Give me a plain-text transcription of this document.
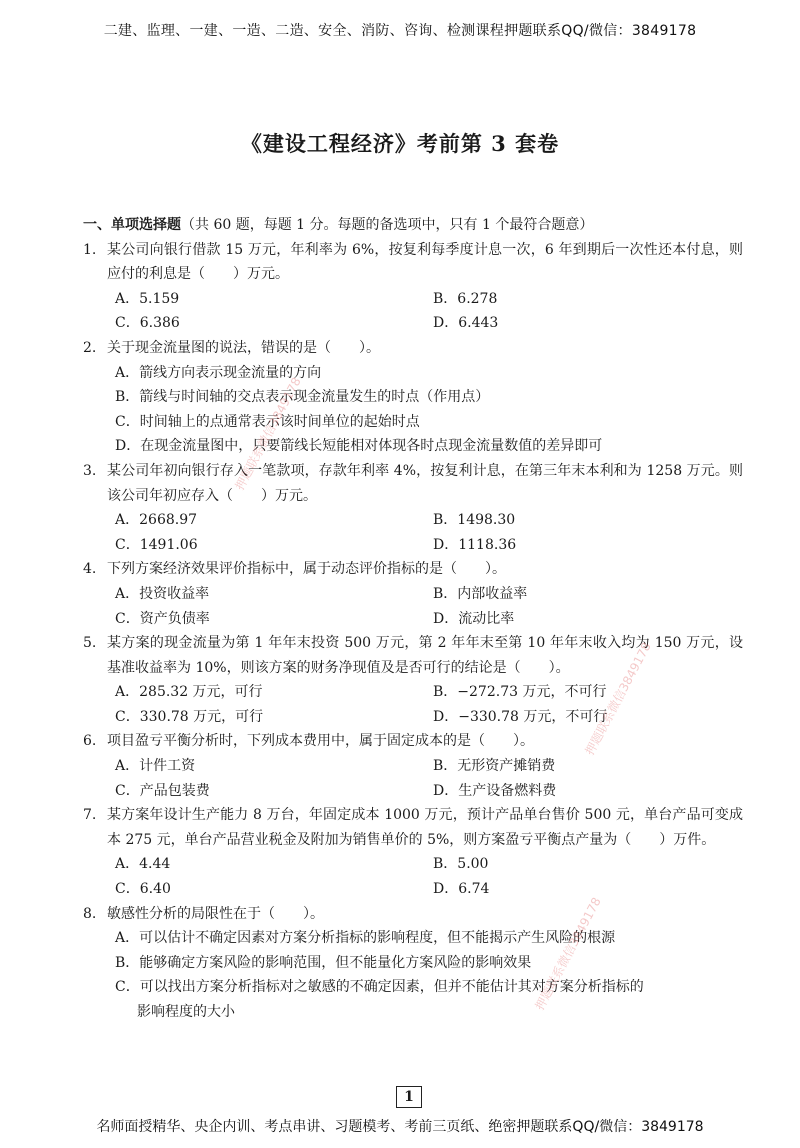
二建、监理、一建、一造、二造、安全、消防、咨询、检测课程押题联系QQ/微信：3849178
《建设工程经济》考前第 3 套卷
一、单项选择题（共 60 题，每题 1 分。每题的备选项中，只有 1 个最符合题意）
1. 某公司向银行借款 15 万元，年利率为 6%，按复利每季度计息一次，6 年到期后一次性还本付息，则应付的利息是（　　）万元。
A．5.159	B．6.278
C．6.386	D．6.443
2. 关于现金流量图的说法，错误的是（　　）。
A．箭线方向表示现金流量的方向
B．箭线与时间轴的交点表示现金流量发生的时点（作用点）
C．时间轴上的点通常表示该时间单位的起始时点
D．在现金流量图中，只要箭线长短能相对体现各时点现金流量数值的差异即可
3. 某公司年初向银行存入一笔款项，存款年利率 4%，按复利计息，在第三年末本利和为 1258 万元。则该公司年初应存入（　　）万元。
A．2668.97	B．1498.30
C．1491.06	D．1118.36
4. 下列方案经济效果评价指标中，属于动态评价指标的是（　　）。
A．投资收益率	B．内部收益率
C．资产负债率	D．流动比率
5. 某方案的现金流量为第 1 年年末投资 500 万元，第 2 年年末至第 10 年年末收入均为 150 万元，设基准收益率为 10%，则该方案的财务净现值及是否可行的结论是（　　）。
A．285.32 万元，可行	B．−272.73 万元，不可行
C．330.78 万元，可行	D．−330.78 万元，不可行
6. 项目盈亏平衡分析时，下列成本费用中，属于固定成本的是（　　）。
A．计件工资	B．无形资产摊销费
C．产品包装费	D．生产设备燃料费
7. 某方案年设计生产能力 8 万台，年固定成本 1000 万元，预计产品单台售价 500 元，单台产品可变成本 275 元，单台产品营业税金及附加为销售单价的 5%，则方案盈亏平衡点产量为（　　）万件。
A．4.44	B．5.00
C．6.40	D．6.74
8. 敏感性分析的局限性在于（　　）。
A．可以估计不确定因素对方案分析指标的影响程度，但不能揭示产生风险的根源
B．能够确定方案风险的影响范围，但不能量化方案风险的影响效果
C．可以找出方案分析指标对之敏感的不确定因素，但并不能估计其对方案分析指标的
影响程度的大小
押题联系微信3849178
押题联系微信3849178
押题联系微信3849178
1
名师面授精华、央企内训、考点串讲、习题模考、考前三页纸、绝密押题联系QQ/微信：3849178
